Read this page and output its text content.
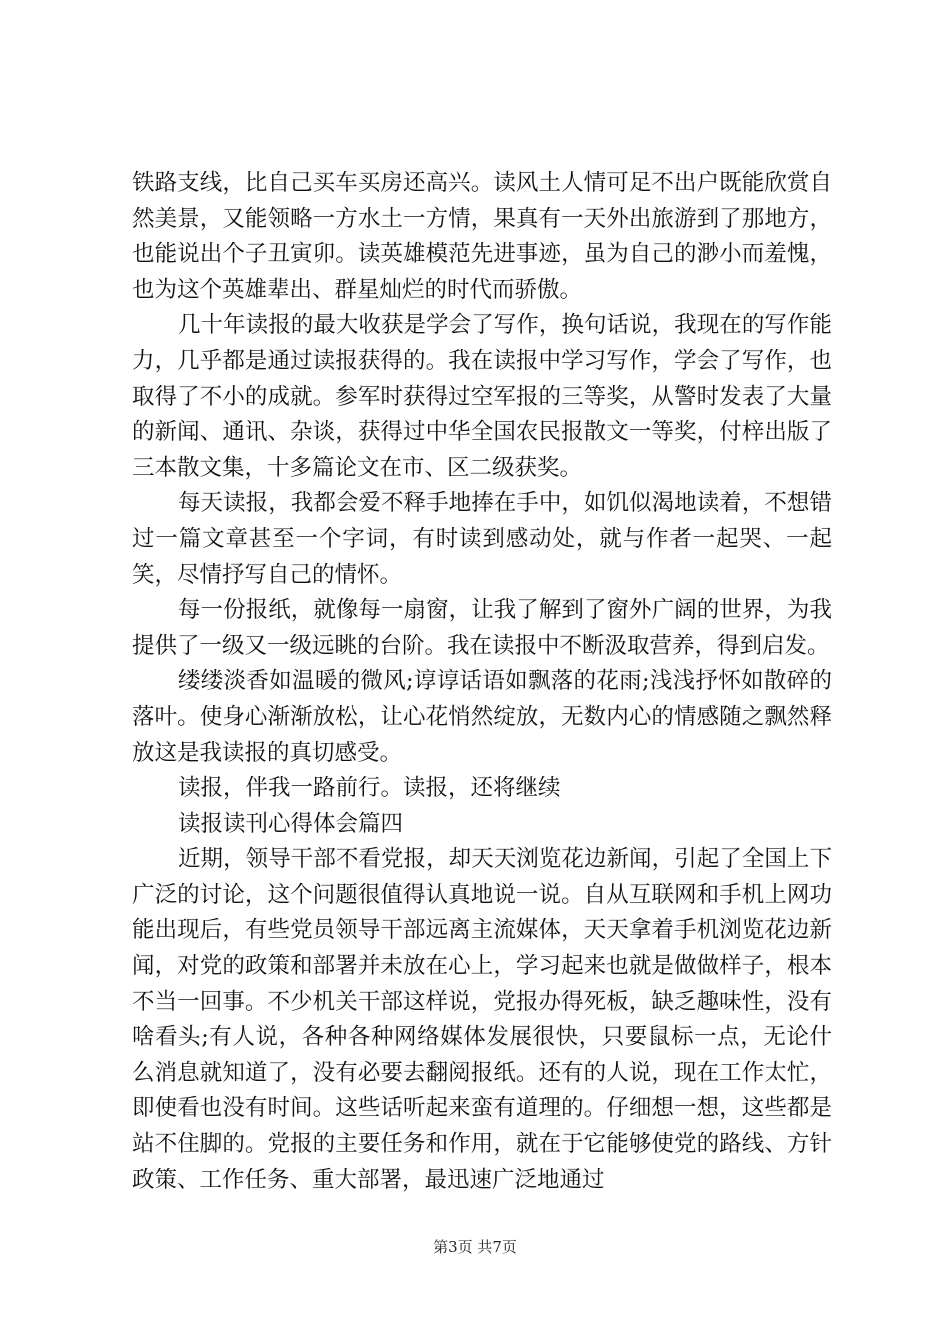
铁路支线，比自己买车买房还高兴。读风土人情可足不出户既能欣赏自然美景，又能领略一方水土一方情，果真有一天外出旅游到了那地方，也能说出个子丑寅卯。读英雄模范先进事迹，虽为自己的渺小而羞愧，也为这个英雄辈出、群星灿烂的时代而骄傲。

几十年读报的最大收获是学会了写作，换句话说，我现在的写作能力，几乎都是通过读报获得的。我在读报中学习写作，学会了写作，也取得了不小的成就。参军时获得过空军报的三等奖，从警时发表了大量的新闻、通讯、杂谈，获得过中华全国农民报散文一等奖，付梓出版了三本散文集，十多篇论文在市、区二级获奖。

每天读报，我都会爱不释手地捧在手中，如饥似渴地读着，不想错过一篇文章甚至一个字词，有时读到感动处，就与作者一起哭、一起笑，尽情抒写自己的情怀。

每一份报纸，就像每一扇窗，让我了解到了窗外广阔的世界，为我提供了一级又一级远眺的台阶。我在读报中不断汲取营养，得到启发。

缕缕淡香如温暖的微风;谆谆话语如飘落的花雨;浅浅抒怀如散碎的落叶。使身心渐渐放松，让心花悄然绽放，无数内心的情感随之飘然释放这是我读报的真切感受。

读报，伴我一路前行。读报，还将继续

读报读刊心得体会篇四

近期，领导干部不看党报，却天天浏览花边新闻，引起了全国上下广泛的讨论，这个问题很值得认真地说一说。自从互联网和手机上网功能出现后，有些党员领导干部远离主流媒体，天天拿着手机浏览花边新闻，对党的政策和部署并未放在心上，学习起来也就是做做样子，根本不当一回事。不少机关干部这样说，党报办得死板，缺乏趣味性，没有啥看头;有人说，各种各种网络媒体发展很快，只要鼠标一点，无论什么消息就知道了，没有必要去翻阅报纸。还有的人说，现在工作太忙，即使看也没有时间。这些话听起来蛮有道理的。仔细想一想，这些都是站不住脚的。党报的主要任务和作用，就在于它能够使党的路线、方针政策、工作任务、重大部署，最迅速广泛地通过

第3页 共7页
